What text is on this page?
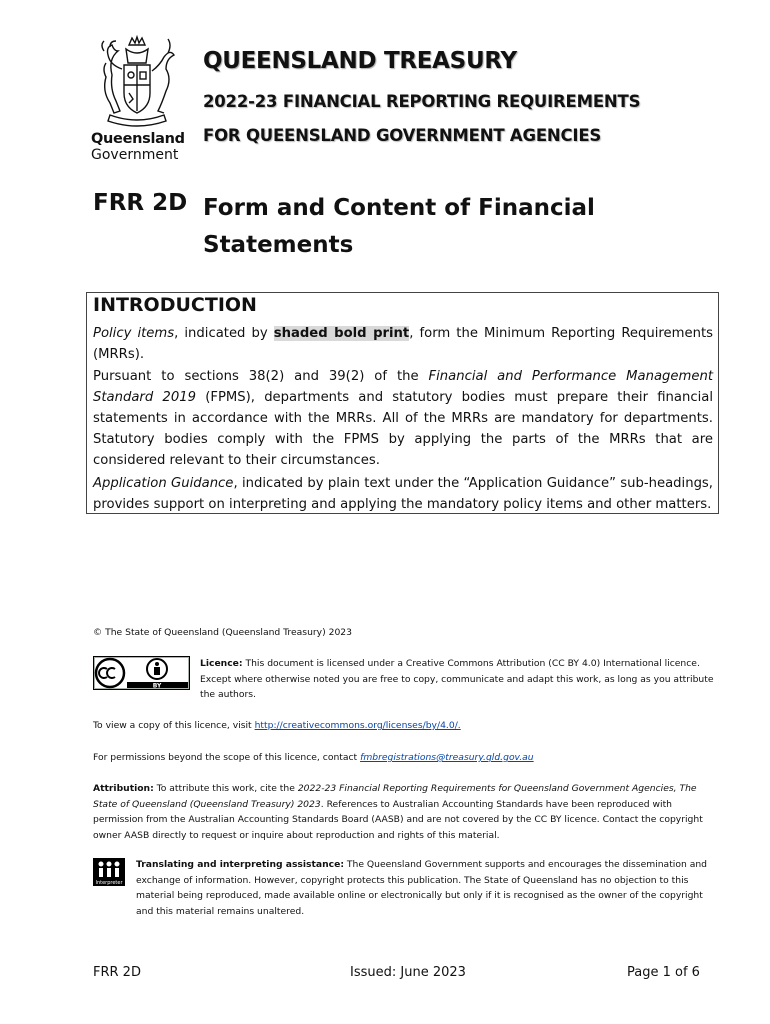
Queensland
Government
QUEENSLAND TREASURY
2022-23 FINANCIAL REPORTING REQUIREMENTS
FOR QUEENSLAND GOVERNMENT AGENCIES
FRR 2D Form and Content of Financial Statements
INTRODUCTION

Policy items, indicated by shaded bold print, form the Minimum Reporting Requirements (MRRs).

Pursuant to sections 38(2) and 39(2) of the Financial and Performance Management Standard 2019 (FPMS), departments and statutory bodies must prepare their financial statements in accordance with the MRRs. All of the MRRs are mandatory for departments. Statutory bodies comply with the FPMS by applying the parts of the MRRs that are considered relevant to their circumstances.

Application Guidance, indicated by plain text under the “Application Guidance” sub-headings, provides support on interpreting and applying the mandatory policy items and other matters.

© The State of Queensland (Queensland Treasury) 2023

BY

Licence: This document is licensed under a Creative Commons Attribution (CC BY 4.0) International licence. Except where otherwise noted you are free to copy, communicate and adapt this work, as long as you attribute the authors.

To view a copy of this licence, visit http://creativecommons.org/licenses/by/4.0/.

For permissions beyond the scope of this licence, contact fmbregistrations@treasury.qld.gov.au

Attribution: To attribute this work, cite the 2022-23 Financial Reporting Requirements for Queensland Government Agencies, The State of Queensland (Queensland Treasury) 2023. References to Australian Accounting Standards have been reproduced with permission from the Australian Accounting Standards Board (AASB) and are not covered by the CC BY licence. Contact the copyright owner AASB directly to request or inquire about reproduction and rights of this material.

Interpreter

Translating and interpreting assistance: The Queensland Government supports and encourages the dissemination and exchange of information. However, copyright protects this publication. The State of Queensland has no objection to this material being reproduced, made available online or electronically but only if it is recognised as the owner of the copyright and this material remains unaltered.

FRR 2D	Issued: June 2023	Page 1 of 6
